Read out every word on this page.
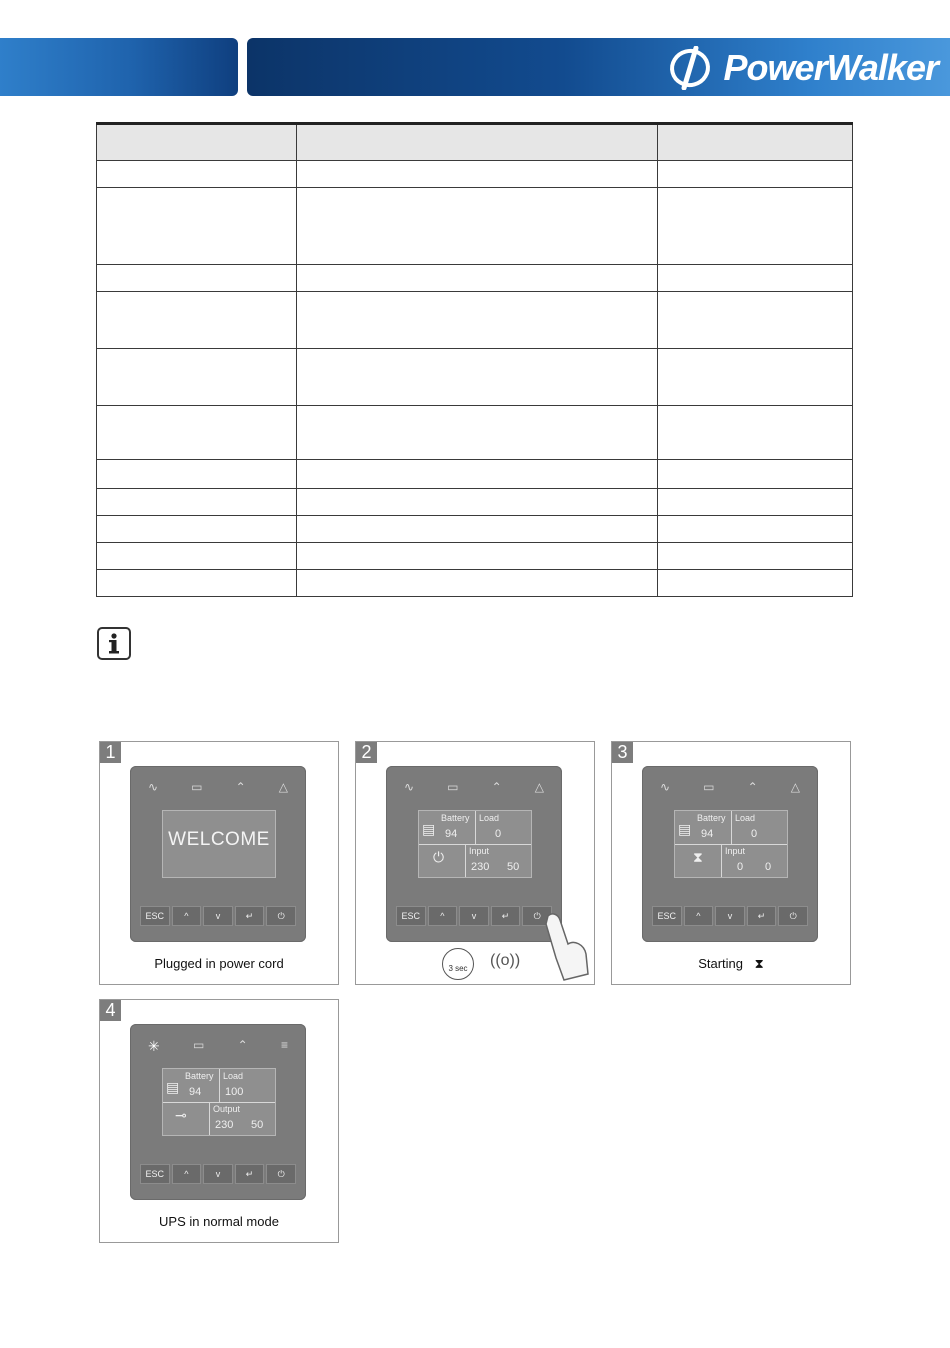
PowerWalker

1
∿	▭	⌃	△
WELCOME
ESC	^	v	↵	⏻
Plugged in power cord
2
∿	▭	⌃	△
▤
Battery
94
Load
0
⏻	Input
230 50
ESC	^	v	↵	⏻
3 sec	((o))
3
∿	▭	⌃	△
▤
Battery
94
Load
0
⧗ Input
0 0
ESC	^	v	↵	⏻
Starting ⧗
4
✳	▭	⌃	≡
▤
Battery
94
Load
100
⊸	Output
230 50
ESC	^	v	↵	⏻
UPS in normal mode
